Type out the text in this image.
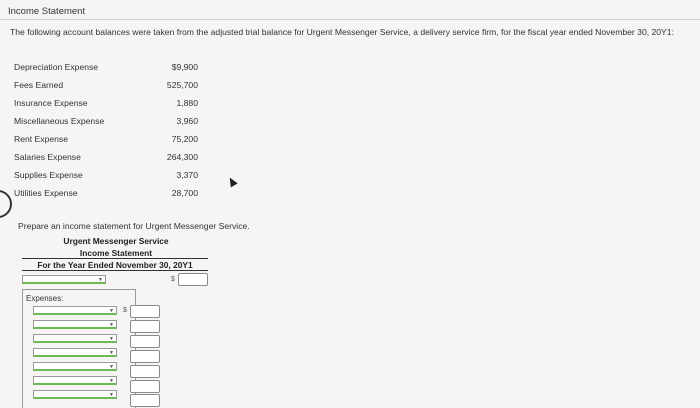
Income Statement
The following account balances were taken from the adjusted trial balance for Urgent Messenger Service, a delivery service firm, for the fiscal year ended November 30, 20Y1:
Depreciation Expense	$9,900
Fees Earned	525,700
Insurance Expense	1,880
Miscellaneous Expense	3,960
Rent Expense	75,200
Salaries Expense	264,300
Supplies Expense	3,370
Utilities Expense	28,700
Prepare an income statement for Urgent Messenger Service.
Urgent Messenger Service
Income Statement
For the Year Ended November 30, 20Y1
▼	$
Expenses:
▼
▼
▼
▼
▼
▼
▼
$
